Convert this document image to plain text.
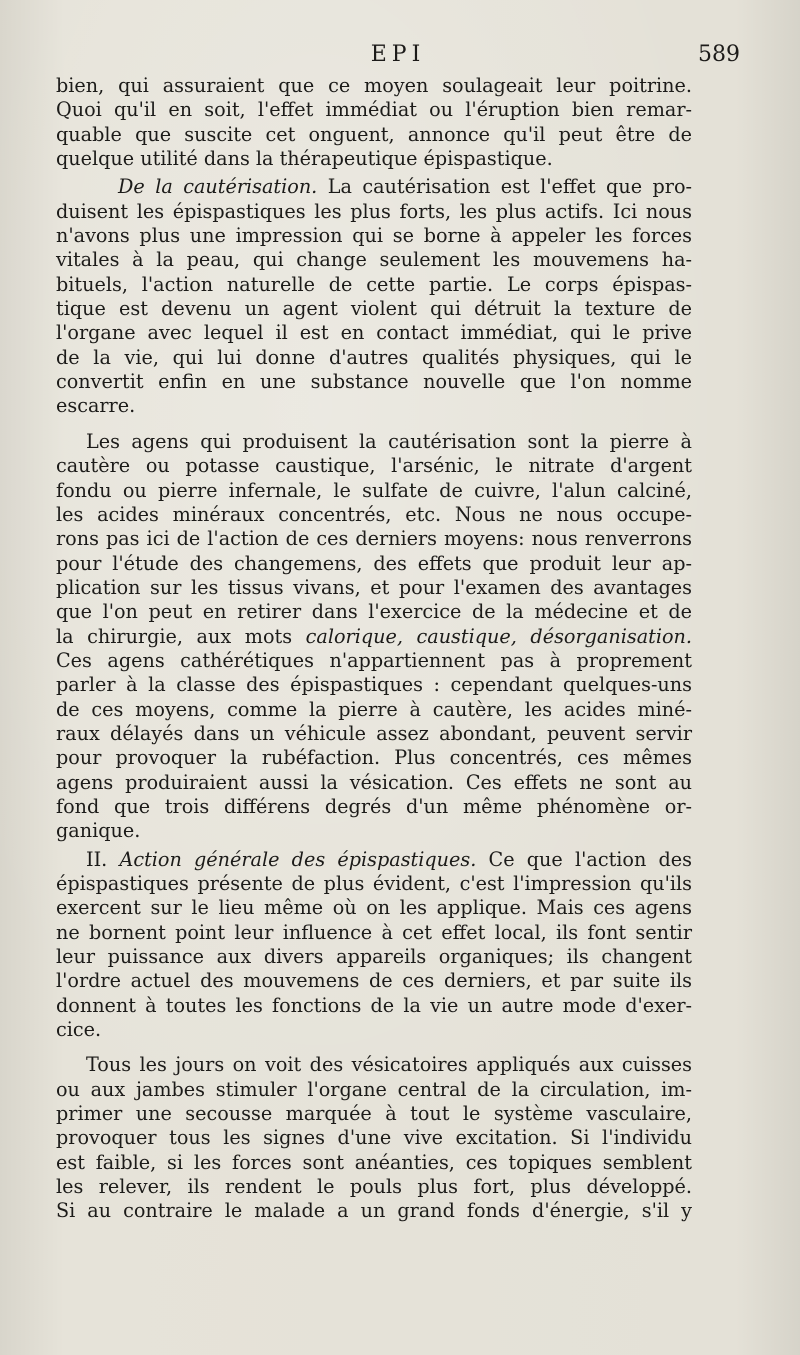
EPI	589
bien, qui assuraient que ce moyen soulageait leur poitrine.
Quoi qu'il en soit, l'effet immédiat ou l'éruption bien remar-
quable que suscite cet onguent, annonce qu'il peut être de
quelque utilité dans la thérapeutique épispastique.
De la cautérisation. La cautérisation est l'effet que pro-
duisent les épispastiques les plus forts, les plus actifs. Ici nous
n'avons plus une impression qui se borne à appeler les forces
vitales à la peau, qui change seulement les mouvemens ha-
bituels, l'action naturelle de cette partie. Le corps épispas-
tique est devenu un agent violent qui détruit la texture de
l'organe avec lequel il est en contact immédiat, qui le prive
de la vie, qui lui donne d'autres qualités physiques, qui le
convertit enfin en une substance nouvelle que l'on nomme
escarre.
Les agens qui produisent la cautérisation sont la pierre à
cautère ou potasse caustique, l'arsénic, le nitrate d'argent
fondu ou pierre infernale, le sulfate de cuivre, l'alun calciné,
les acides minéraux concentrés, etc. Nous ne nous occupe-
rons pas ici de l'action de ces derniers moyens: nous renverrons
pour l'étude des changemens, des effets que produit leur ap-
plication sur les tissus vivans, et pour l'examen des avantages
que l'on peut en retirer dans l'exercice de la médecine et de
la chirurgie, aux mots calorique, caustique, désorganisation.
Ces agens cathérétiques n'appartiennent pas à proprement
parler à la classe des épispastiques : cependant quelques-uns
de ces moyens, comme la pierre à cautère, les acides miné-
raux délayés dans un véhicule assez abondant, peuvent servir
pour provoquer la rubéfaction. Plus concentrés, ces mêmes
agens produiraient aussi la vésication. Ces effets ne sont au
fond que trois différens degrés d'un même phénomène or-
ganique.
II. Action générale des épispastiques. Ce que l'action des
épispastiques présente de plus évident, c'est l'impression qu'ils
exercent sur le lieu même où on les applique. Mais ces agens
ne bornent point leur influence à cet effet local, ils font sentir
leur puissance aux divers appareils organiques; ils changent
l'ordre actuel des mouvemens de ces derniers, et par suite ils
donnent à toutes les fonctions de la vie un autre mode d'exer-
cice.
Tous les jours on voit des vésicatoires appliqués aux cuisses
ou aux jambes stimuler l'organe central de la circulation, im-
primer une secousse marquée à tout le système vasculaire,
provoquer tous les signes d'une vive excitation. Si l'individu
est faible, si les forces sont anéanties, ces topiques semblent
les relever, ils rendent le pouls plus fort, plus développé.
Si au contraire le malade a un grand fonds d'énergie, s'il y
